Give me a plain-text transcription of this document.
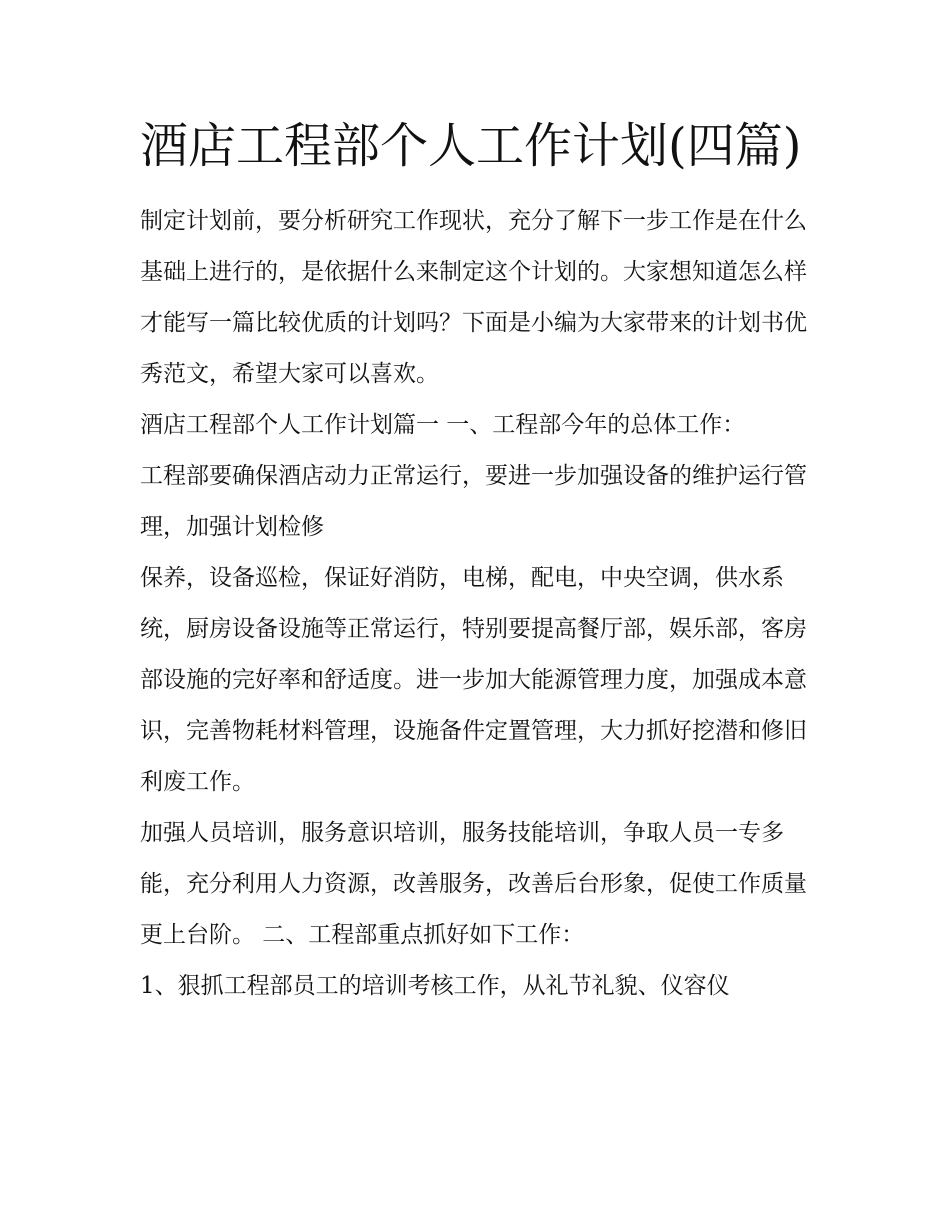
酒店工程部个人工作计划(四篇)

制定计划前，要分析研究工作现状，充分了解下一步工作是在什么基础上进行的，是依据什么来制定这个计划的。大家想知道怎么样才能写一篇比较优质的计划吗？下面是小编为大家带来的计划书优秀范文，希望大家可以喜欢。

酒店工程部个人工作计划篇一 一、工程部今年的总体工作：

工程部要确保酒店动力正常运行，要进一步加强设备的维护运行管理，加强计划检修

保养，设备巡检，保证好消防，电梯，配电，中央空调，供水系统，厨房设备设施等正常运行，特别要提高餐厅部，娱乐部，客房部设施的完好率和舒适度。进一步加大能源管理力度，加强成本意识，完善物耗材料管理，设施备件定置管理，大力抓好挖潜和修旧利废工作。

加强人员培训，服务意识培训，服务技能培训，争取人员一专多能，充分利用人力资源，改善服务，改善后台形象，促使工作质量更上台阶。 二、工程部重点抓好如下工作：

1、狠抓工程部员工的培训考核工作，从礼节礼貌、仪容仪
